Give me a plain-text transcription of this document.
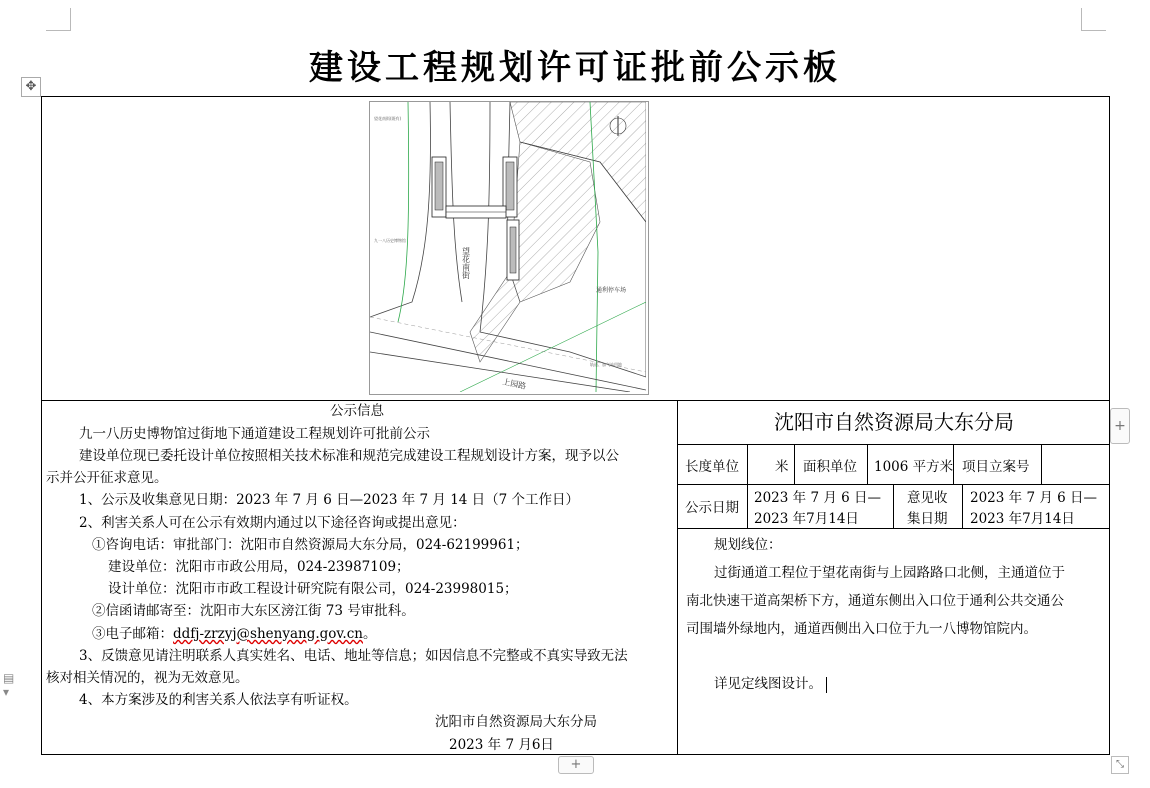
建设工程规划许可证批前公示板
✥
望花南街
上园路
通利停车场
望花南街(既有)
九一八历史博物馆
轨道、加气站用地
公示信息
九一八历史博物馆过街地下通道建设工程规划许可批前公示
建设单位现已委托设计单位按照相关技术标准和规范完成建设工程规划设计方案，现予以公
示并公开征求意见。
1、公示及收集意见日期：2023 年 7 月 6 日—2023 年 7 月 14 日（7 个工作日）
2、利害关系人可在公示有效期内通过以下途径咨询或提出意见：
①咨询电话：审批部门：沈阳市自然资源局大东分局，024-62199961；
建设单位：沈阳市市政公用局，024-23987109；
设计单位：沈阳市市政工程设计研究院有限公司，024-23998015；
②信函请邮寄至：沈阳市大东区滂江街 73 号审批科。
③电子邮箱：ddfj-zrzyj@shenyang.gov.cn。
3、反馈意见请注明联系人真实姓名、电话、地址等信息；如因信息不完整或不真实导致无法
核对相关情况的，视为无效意见。
4、本方案涉及的利害关系人依法享有听证权。
沈阳市自然资源局大东分局
2023 年 7 月6日
沈阳市自然资源局大东分局
长度单位	米 面积单位 1006 平方米 项目立案号
公示日期
2023 年 7 月 6 日—
2023 年7月14日
意见收
集日期
2023 年 7 月 6 日—
2023 年7月14日
规划线位：
过街通道工程位于望花南街与上园路路口北侧，主通道位于
南北快速干道高架桥下方，通道东侧出入口位于通利公共交通公
司围墙外绿地内，通道西侧出入口位于九一八博物馆院内。
详见定线图设计。
+
+
▤ ▾
⤡
